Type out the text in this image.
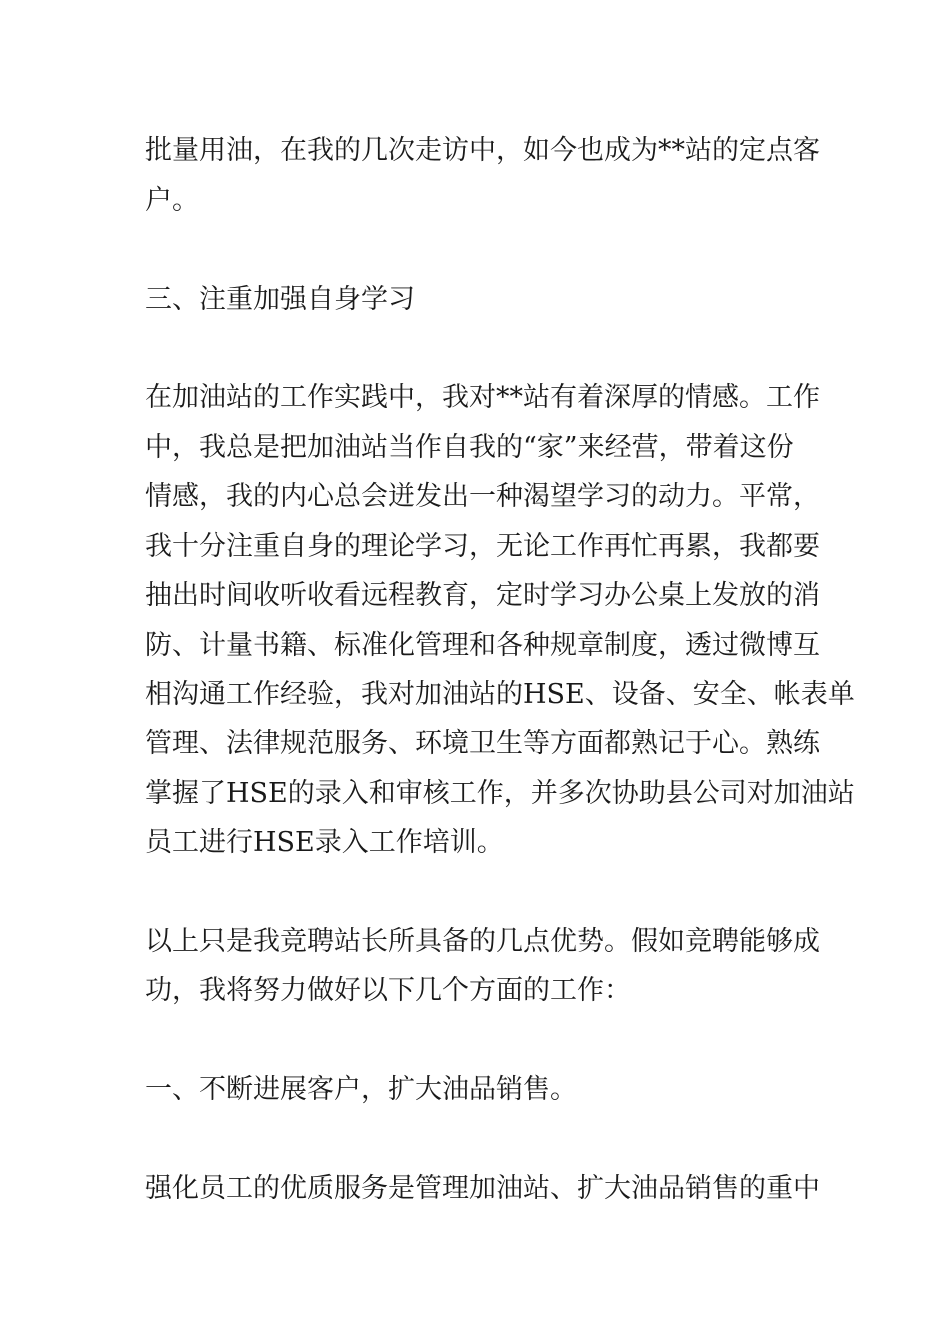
批量用油，在我的几次走访中，如今也成为**站的定点客

户。

三、注重加强自身学习

在加油站的工作实践中，我对**站有着深厚的情感。工作

中，我总是把加油站当作自我的“家”来经营，带着这份

情感，我的内心总会迸发出一种渴望学习的动力。平常，

我十分注重自身的理论学习，无论工作再忙再累，我都要

抽出时间收听收看远程教育，定时学习办公桌上发放的消

防、计量书籍、标准化管理和各种规章制度，透过微博互

相沟通工作经验，我对加油站的HSE、设备、安全、帐表单

管理、法律规范服务、环境卫生等方面都熟记于心。熟练

掌握了HSE的录入和审核工作，并多次协助县公司对加油站

员工进行HSE录入工作培训。

以上只是我竞聘站长所具备的几点优势。假如竞聘能够成

功，我将努力做好以下几个方面的工作：

一、不断进展客户，扩大油品销售。

强化员工的优质服务是管理加油站、扩大油品销售的重中
